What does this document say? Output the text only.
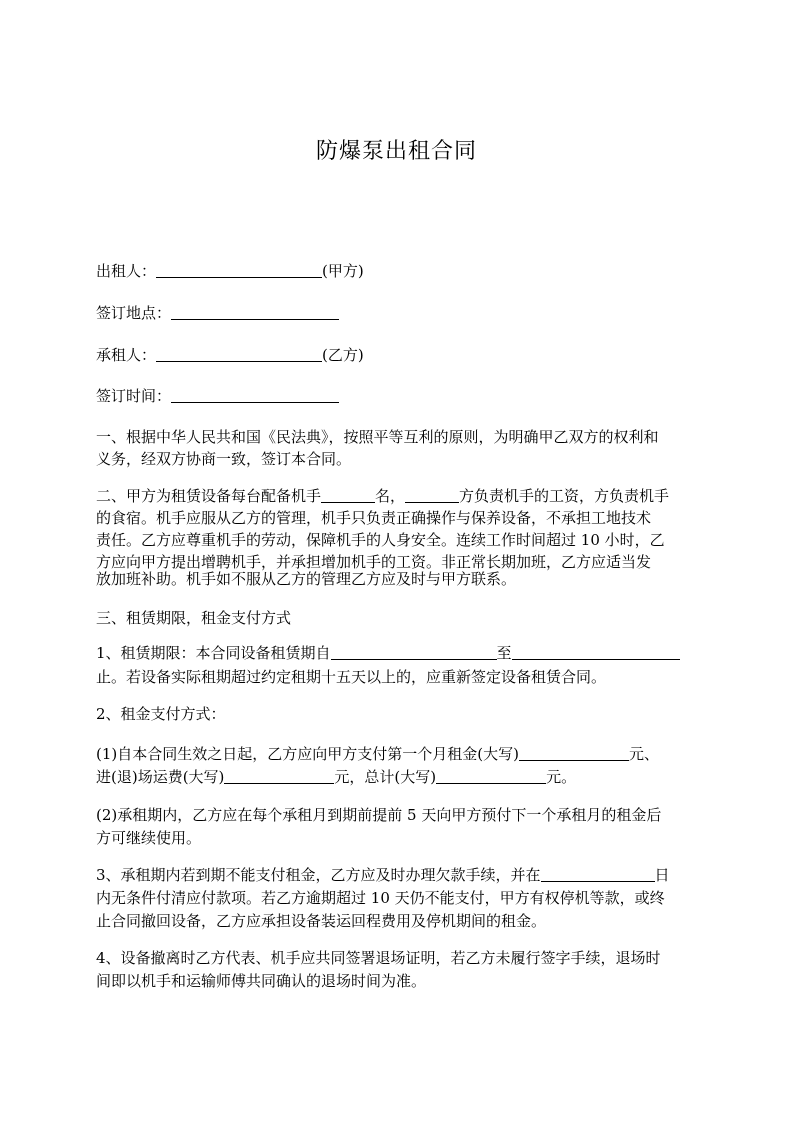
防爆泵出租合同
出租人：	(甲方)
签订地点：
承租人：	(乙方)
签订时间：
一、根据中华人民共和国《民法典》，按照平等互利的原则，为明确甲乙双方的权利和
义务，经双方协商一致，签订本合同。
二、甲方为租赁设备每台配备机手	名，	方负责机手的工资，方负责机手
的食宿。机手应服从乙方的管理，机手只负责正确操作与保养设备，不承担工地技术
责任。乙方应尊重机手的劳动，保障机手的人身安全。连续工作时间超过 10 小时，乙
方应向甲方提出增聘机手，并承担增加机手的工资。非正常长期加班，乙方应适当发
放加班补助。机手如不服从乙方的管理乙方应及时与甲方联系。
三、租赁期限，租金支付方式
1、租赁期限：本合同设备租赁期自	至
止。若设备实际租期超过约定租期十五天以上的，应重新签定设备租赁合同。
2、租金支付方式：
(1)自本合同生效之日起，乙方应向甲方支付第一个月租金(大写)	元、
进(退)场运费(大写)	元，总计(大写)	元。
(2)承租期内，乙方应在每个承租月到期前提前 5 天向甲方预付下一个承租月的租金后
方可继续使用。
3、承租期内若到期不能支付租金，乙方应及时办理欠款手续，并在	日
内无条件付清应付款项。若乙方逾期超过 10 天仍不能支付，甲方有权停机等款，或终
止合同撤回设备，乙方应承担设备装运回程费用及停机期间的租金。
4、设备撤离时乙方代表、机手应共同签署退场证明，若乙方未履行签字手续，退场时
间即以机手和运输师傅共同确认的退场时间为准。
